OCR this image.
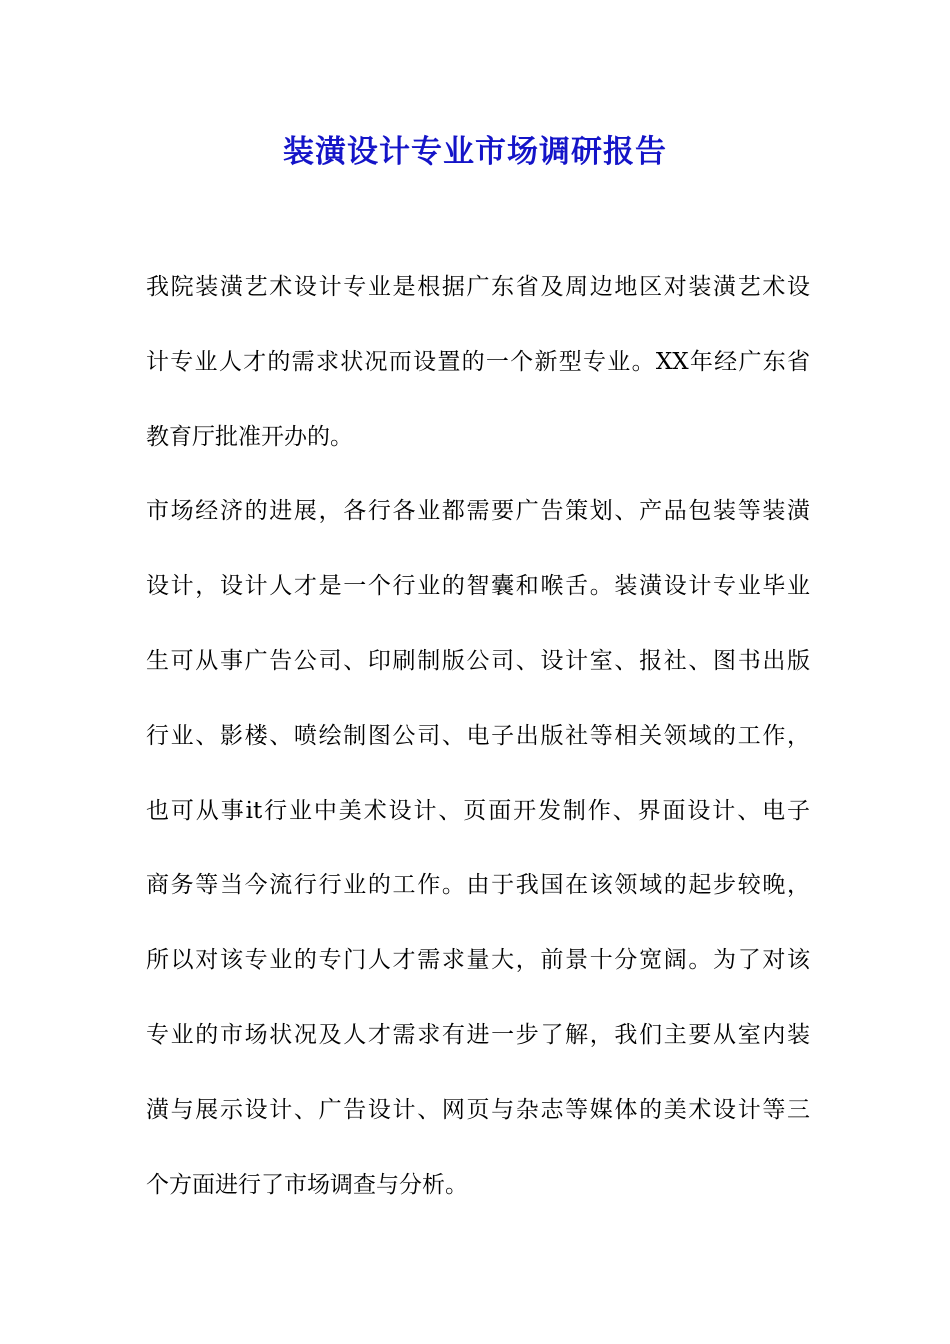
装潢设计专业市场调研报告
我院装潢艺术设计专业是根据广东省及周边地区对装潢艺术设
计专业人才的需求状况而设置的一个新型专业。XX年经广东省
教育厅批准开办的。
市场经济的进展，各行各业都需要广告策划、产品包装等装潢
设计，设计人才是一个行业的智囊和喉舌。装潢设计专业毕业
生可从事广告公司、印刷制版公司、设计室、报社、图书出版
行业、影楼、喷绘制图公司、电子出版社等相关领域的工作，
也可从事it行业中美术设计、页面开发制作、界面设计、电子
商务等当今流行行业的工作。由于我国在该领域的起步较晚，
所以对该专业的专门人才需求量大，前景十分宽阔。为了对该
专业的市场状况及人才需求有进一步了解，我们主要从室内装
潢与展示设计、广告设计、网页与杂志等媒体的美术设计等三
个方面进行了市场调查与分析。
